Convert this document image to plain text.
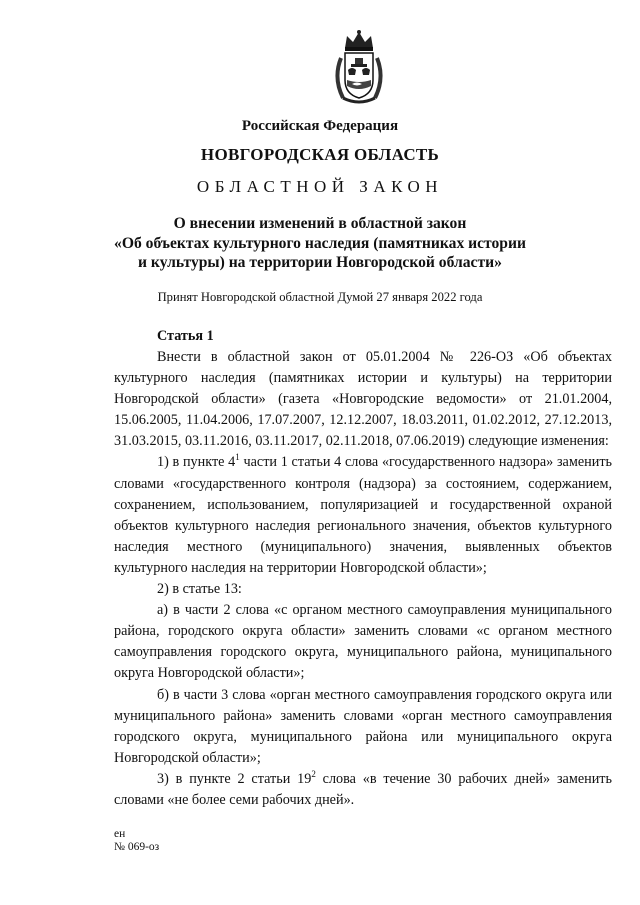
Российская Федерация
НОВГОРОДСКАЯ ОБЛАСТЬ
ОБЛАСТНОЙ ЗАКОН
О внесении изменений в областной закон
«Об объектах культурного наследия (памятниках истории
и культуры) на территории Новгородской области»
Принят Новгородской областной Думой 27 января 2022 года
Статья 1

Внести в областной закон от 05.01.2004 № 226-ОЗ «Об объектах культурного наследия (памятниках истории и культуры) на территории Новгородской области» (газета «Новгородские ведомости» от 21.01.2004, 15.06.2005, 11.04.2006, 17.07.2007, 12.12.2007, 18.03.2011, 01.02.2012, 27.12.2013, 31.03.2015, 03.11.2016, 03.11.2017, 02.11.2018, 07.06.2019) следующие изменения:

1) в пункте $4^1$ части 1 статьи 4 слова «государственного надзора» заменить словами «государственного контроля (надзора) за состоянием, содержанием, сохранением, использованием, популяризацией и государственной охраной объектов культурного наследия регионального значения, объектов культурного наследия местного (муниципального) значения, выявленных объектов культурного наследия на территории Новгородской области»;

2) в статье 13:

а) в части 2 слова «с органом местного самоуправления муниципального района, городского округа области» заменить словами «с органом местного самоуправления городского округа, муниципального района, муниципального округа Новгородской области»;

б) в части 3 слова «орган местного самоуправления городского округа или муниципального района» заменить словами «орган местного самоуправления городского округа, муниципального района или муниципального округа Новгородской области»;

3) в пункте 2 статьи $19^2$ слова «в течение 30 рабочих дней» заменить словами «не более семи рабочих дней».

ен
№ 069-оз
